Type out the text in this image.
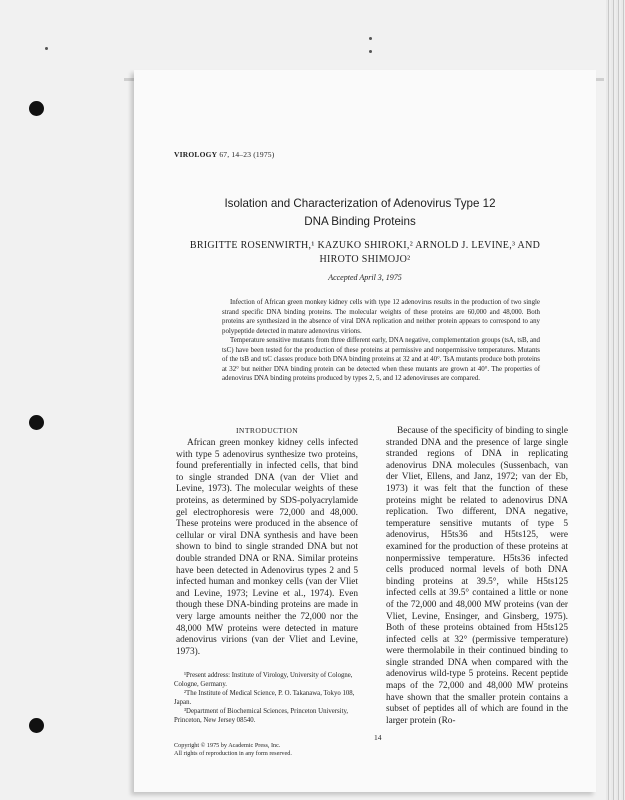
VIROLOGY 67, 14–23 (1975)
Isolation and Characterization of Adenovirus Type 12
DNA Binding Proteins
BRIGITTE ROSENWIRTH,¹ KAZUKO SHIROKI,² ARNOLD J. LEVINE,³ AND
HIROTO SHIMOJO²
Accepted April 3, 1975

Infection of African green monkey kidney cells with type 12 adenovirus results in the production of two single strand specific DNA binding proteins. The molecular weights of these proteins are 60,000 and 48,000. Both proteins are synthesized in the absence of viral DNA replication and neither protein appears to correspond to any polypeptide detected in mature adenovirus virions.

Temperature sensitive mutants from three different early, DNA negative, complementation groups (tsA, tsB, and tsC) have been tested for the production of these proteins at permissive and nonpermissive temperatures. Mutants of the tsB and tsC classes produce both DNA binding proteins at 32 and at 40°. TsA mutants produce both proteins at 32° but neither DNA binding protein can be detected when these mutants are grown at 40°. The properties of adenovirus DNA binding proteins produced by types 2, 5, and 12 adenoviruses are compared.

INTRODUCTION

African green monkey kidney cells infected with type 5 adenovirus synthesize two proteins, found preferentially in infected cells, that bind to single stranded DNA (van der Vliet and Levine, 1973). The molecular weights of these proteins, as determined by SDS-polyacrylamide gel electrophoresis were 72,000 and 48,000. These proteins were produced in the absence of cellular or viral DNA synthesis and have been shown to bind to single stranded DNA but not double stranded DNA or RNA. Similar proteins have been detected in Adenovirus types 2 and 5 infected human and monkey cells (van der Vliet and Levine, 1973; Levine et al., 1974). Even though these DNA-binding proteins are made in very large amounts neither the 72,000 nor the 48,000 MW proteins were detected in mature adenovirus virions (van der Vliet and Levine, 1973).

Because of the specificity of binding to single stranded DNA and the presence of large single stranded regions of DNA in replicating adenovirus DNA molecules (Sussenbach, van der Vliet, Ellens, and Janz, 1972; van der Eb, 1973) it was felt that the function of these proteins might be related to adenovirus DNA replication. Two different, DNA negative, temperature sensitive mutants of type 5 adenovirus, H5ts36 and H5ts125, were examined for the production of these proteins at nonpermissive temperature. H5ts36 infected cells produced normal levels of both DNA binding proteins at 39.5°, while H5ts125 infected cells at 39.5° contained a little or none of the 72,000 and 48,000 MW proteins (van der Vliet, Levine, Ensinger, and Ginsberg, 1975). Both of these proteins obtained from H5ts125 infected cells at 32° (permissive temperature) were thermolabile in their continued binding to single stranded DNA when compared with the adenovirus wild-type 5 proteins. Recent peptide maps of the 72,000 and 48,000 MW proteins have shown that the smaller protein contains a subset of peptides all of which are found in the larger protein (Ro-

¹Present address: Institute of Virology, University of Cologne, Cologne, Germany.

²The Institute of Medical Science, P. O. Takanawa, Tokyo 108, Japan.

³Department of Biochemical Sciences, Princeton University, Princeton, New Jersey 08540.

14
Copyright © 1975 by Academic Press, Inc.
All rights of reproduction in any form reserved.
